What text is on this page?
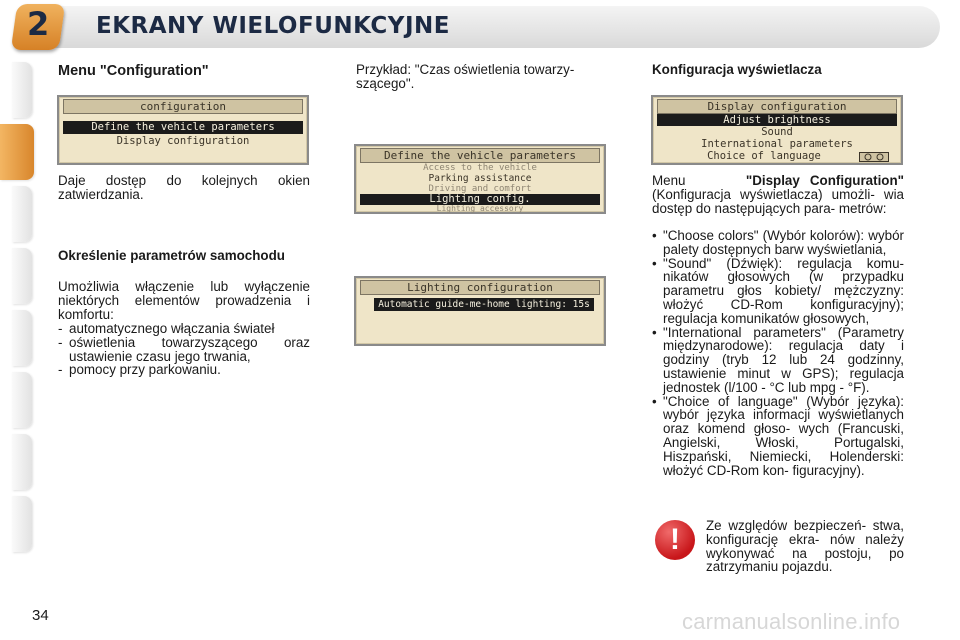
2 EKRANY WIELOFUNKCYJNE
Menu "Configuration"
configuration
Define the vehicle parameters
Display configuration
Daje dostęp do kolejnych okien zatwierdzania.
Określenie parametrów samochodu
Umożliwia włączenie lub wyłączenie niektórych elementów prowadzenia i komfortu:
- automatycznego włączania świateł
- oświetlenia towarzyszącego oraz ustawienie czasu jego trwania,
- pomocy przy parkowaniu.
Przykład: "Czas oświetlenia towarzy- szącego".
Define the vehicle parameters
Access to the vehicle
Parking assistance
Driving and comfort
Lighting config.
Lighting accessory
Lighting configuration
Automatic guide-me-home lighting: 15s
Konfiguracja wyświetlacza
Display configuration
Adjust brightness
Sound
International parameters
Choice of language
Menu	"Display Configuration" (Konfiguracja wyświetlacza) umożli- wia dostęp do następujących para- metrów:
• "Choose colors" (Wybór kolorów): wybór palety dostępnych barw wyświetlania,
• "Sound" (Dźwięk): regulacja komu- nikatów głosowych (w przypadku parametru głos kobiety/ mężczyzny: włożyć CD-Rom konfiguracyjny); regulacja komunikatów głosowych,
• "International parameters" (Parametry międzynarodowe): regulacja daty i godziny (tryb 12 lub 24 godzinny, ustawienie minut w GPS); regulacja jednostek (l/100 - °C lub mpg - °F).
• "Choice of language" (Wybór języka): wybór języka informacji wyświetlanych oraz komend głoso- wych (Francuski, Angielski, Włoski, Portugalski, Hiszpański, Niemiecki, Holenderski: włożyć CD-Rom kon- figuracyjny).
!	Ze względów bezpieczeń- stwa, konfigurację ekra- nów należy wykonywać na postoju, po zatrzymaniu pojazdu.
34	carmanualsonline.info
